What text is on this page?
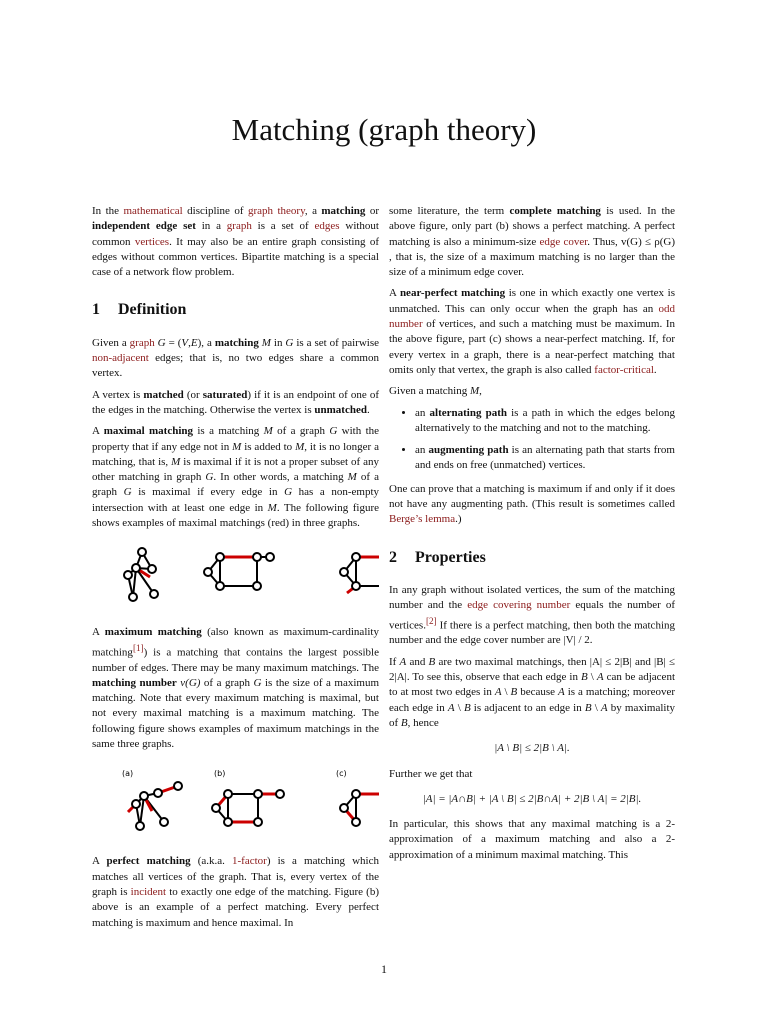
Matching (graph theory)

In the mathematical discipline of graph theory, a matching or independent edge set in a graph is a set of edges without common vertices. It may also be an entire graph consisting of edges without common vertices. Bipartite matching is a special case of a network flow problem.

1 Definition

Given a graph G = (V,E), a matching M in G is a set of pairwise non-adjacent edges; that is, no two edges share a common vertex.

A vertex is matched (or saturated) if it is an endpoint of one of the edges in the matching. Otherwise the vertex is unmatched.

A maximal matching is a matching M of a graph G with the property that if any edge not in M is added to M, it is no longer a matching, that is, M is maximal if it is not a proper subset of any other matching in graph G. In other words, a matching M of a graph G is maximal if every edge in G has a non-empty intersection with at least one edge in M. The following figure shows examples of maximal matchings (red) in three graphs.

A maximum matching (also known as maximum-cardinality matching[1]) is a matching that contains the largest possible number of edges. There may be many maximum matchings. The matching number ν(G) of a graph G is the size of a maximum matching. Note that every maximum matching is maximal, but not every maximal matching is a maximum matching. The following figure shows examples of maximum matchings in the same three graphs.

(a)	(b)	(c)

A perfect matching (a.k.a. 1-factor) is a matching which matches all vertices of the graph. That is, every vertex of the graph is incident to exactly one edge of the matching. Figure (b) above is an example of a perfect matching. Every perfect matching is maximum and hence maximal. In

some literature, the term complete matching is used. In the above figure, only part (b) shows a perfect matching. A perfect matching is also a minimum-size edge cover. Thus, v(G) ≤ ρ(G) , that is, the size of a maximum matching is no larger than the size of a minimum edge cover.

A near-perfect matching is one in which exactly one vertex is unmatched. This can only occur when the graph has an odd number of vertices, and such a matching must be maximum. In the above figure, part (c) shows a near-perfect matching. If, for every vertex in a graph, there is a near-perfect matching that omits only that vertex, the graph is also called factor-critical.

Given a matching M,

• an alternating path is a path in which the edges belong alternatively to the matching and not to the matching.
• an augmenting path is an alternating path that starts from and ends on free (unmatched) vertices.

One can prove that a matching is maximum if and only if it does not have any augmenting path. (This result is sometimes called Berge’s lemma.)

2 Properties

In any graph without isolated vertices, the sum of the matching number and the edge covering number equals the number of vertices.[2] If there is a perfect matching, then both the matching number and the edge cover number are |V| / 2.

If A and B are two maximal matchings, then |A| ≤ 2|B| and |B| ≤ 2|A|. To see this, observe that each edge in B \ A can be adjacent to at most two edges in A \ B because A is a matching; moreover each edge in A \ B is adjacent to an edge in B \ A by maximality of B, hence

|A \ B| ≤ 2|B \ A|.

Further we get that

|A| = |A∩B| + |A \ B| ≤ 2|B∩A| + 2|B \ A| = 2|B|.

In particular, this shows that any maximal matching is a 2-approximation of a maximum matching and also a 2-approximation of a minimum maximal matching. This

1
